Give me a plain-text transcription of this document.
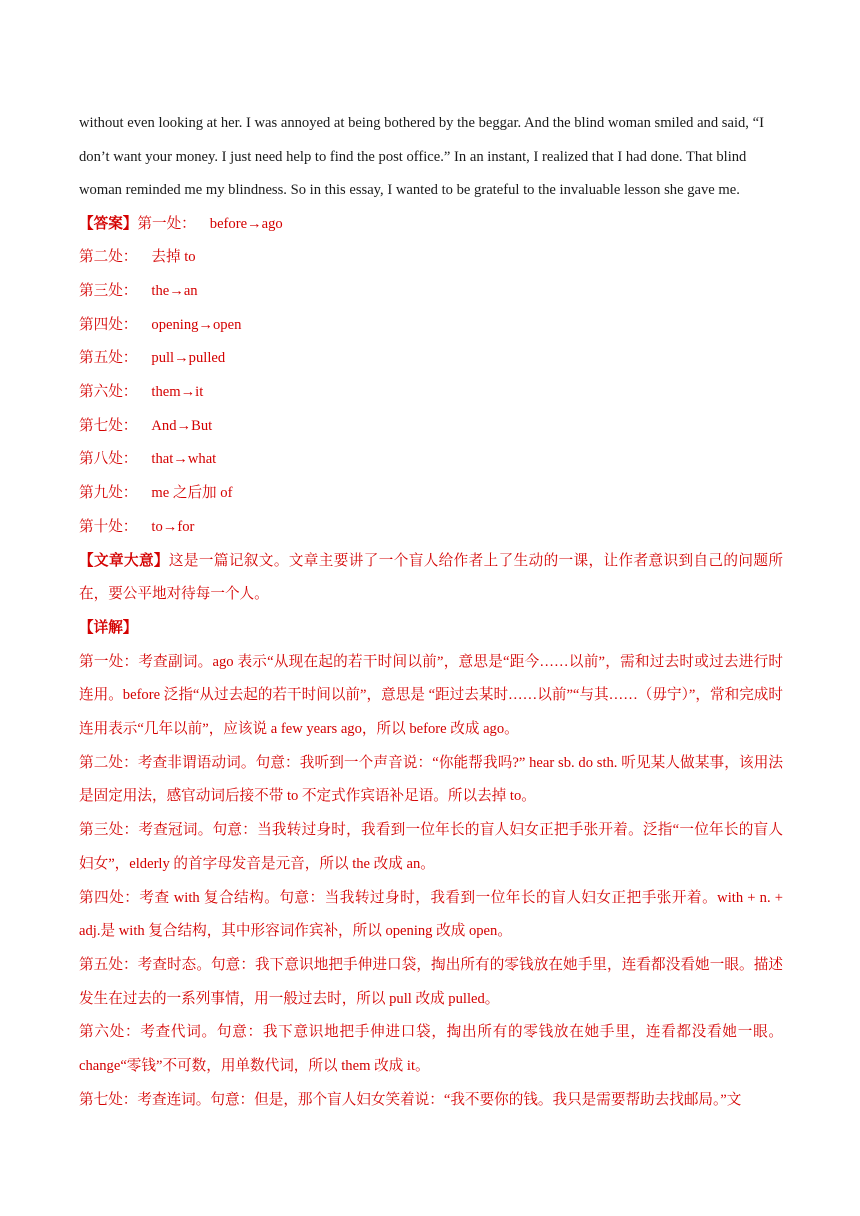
without even looking at her. I was annoyed at being bothered by the beggar. And the blind woman smiled and said, “I

don’t want your money. I just need help to find the post office.” In an instant, I realized that I had done. That blind

woman reminded me my blindness. So in this essay, I wanted to be grateful to the invaluable lesson she gave me.

【答案】第一处： before→ago
第二处： 去掉 to
第三处： the→an
第四处： opening→open
第五处： pull→pulled
第六处： them→it
第七处： And→But
第八处： that→what
第九处： me 之后加 of
第十处： to→for

【文章大意】这是一篇记叙文。文章主要讲了一个盲人给作者上了生动的一课，让作者意识到自己的问题所在，要公平地对待每一个人。

【详解】

第一处：考查副词。ago 表示“从现在起的若干时间以前”，意思是“距今……以前”，需和过去时或过去进行时连用。before 泛指“从过去起的若干时间以前”，意思是 “距过去某时……以前”“与其……（毋宁）”，常和完成时连用表示“几年以前”，应该说 a few years ago，所以 before 改成 ago。

第二处：考查非谓语动词。句意：我听到一个声音说：“你能帮我吗?” hear sb. do sth. 听见某人做某事，该用法是固定用法，感官动词后接不带 to 不定式作宾语补足语。所以去掉 to。

第三处：考查冠词。句意：当我转过身时，我看到一位年长的盲人妇女正把手张开着。泛指“一位年长的盲人妇女”，elderly 的首字母发音是元音，所以 the 改成 an。

第四处：考查 with 复合结构。句意：当我转过身时，我看到一位年长的盲人妇女正把手张开着。with + n. + adj.是 with 复合结构，其中形容词作宾补，所以 opening 改成 open。

第五处：考查时态。句意：我下意识地把手伸进口袋，掏出所有的零钱放在她手里，连看都没看她一眼。描述发生在过去的一系列事情，用一般过去时，所以 pull 改成 pulled。

第六处：考查代词。句意：我下意识地把手伸进口袋，掏出所有的零钱放在她手里，连看都没看她一眼。change“零钱”不可数，用单数代词，所以 them 改成 it。

第七处：考查连词。句意：但是，那个盲人妇女笑着说：“我不要你的钱。我只是需要帮助去找邮局。”文
